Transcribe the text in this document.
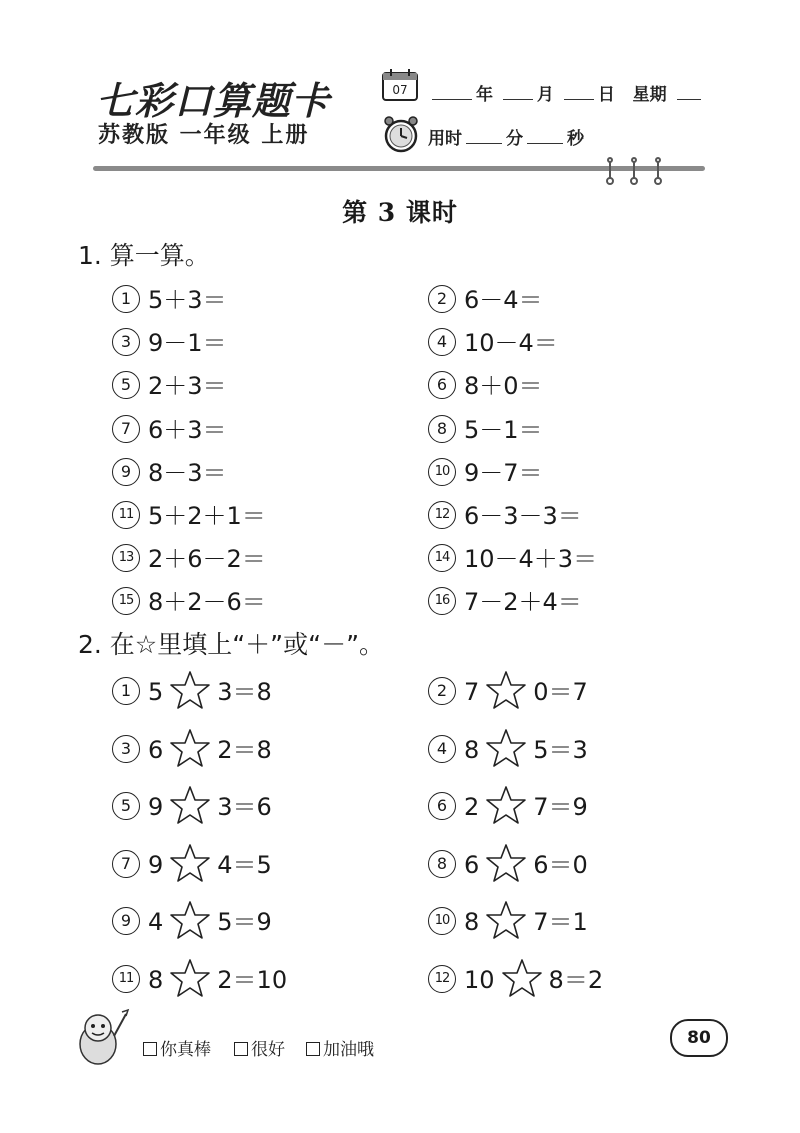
七彩口算题卡
苏教版 一年级 上册
07	年	月	日 星期
用时	分	秒
第 3 课时
1. 算一算。
1 5＋3＝	2 6－4＝
3 9－1＝	4 10－4＝
5 2＋3＝	6 8＋0＝
7 6＋3＝	8 5－1＝
9 8－3＝	10 9－7＝
11 5＋2＋1＝	12 6－3－3＝
13 2＋6－2＝	14 10－4＋3＝
15 8＋2－6＝	16 7－2＋4＝
2. 在☆里填上“＋”或“－”。
1 5 3＝8	2 7 0＝7
3 6 2＝8	4 8 5＝3
5 9 3＝6	6 2 7＝9
7 9 4＝5	8 6 6＝0
9 4 5＝9	10 8 7＝1
11 8 2＝10	12 10 8＝2
你真棒	很好	加油哦
80
